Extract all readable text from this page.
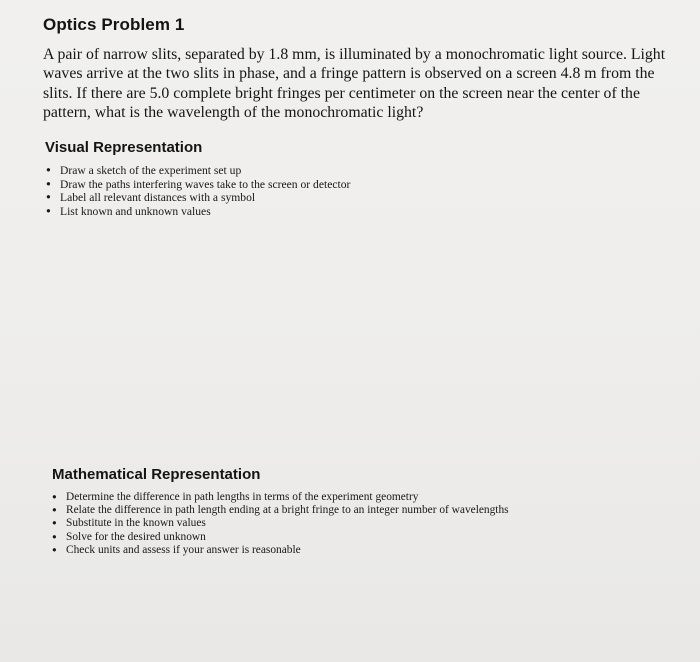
Optics Problem 1

A pair of narrow slits, separated by 1.8 mm, is illuminated by a monochromatic light source. Light waves arrive at the two slits in phase, and a fringe pattern is observed on a screen 4.8 m from the slits. If there are 5.0 complete bright fringes per centimeter on the screen near the center of the pattern, what is the wavelength of the monochromatic light?

Visual Representation
• Draw a sketch of the experiment set up
• Draw the paths interfering waves take to the screen or detector
• Label all relevant distances with a symbol
• List known and unknown values
Mathematical Representation
• Determine the difference in path lengths in terms of the experiment geometry
• Relate the difference in path length ending at a bright fringe to an integer number of wavelengths
• Substitute in the known values
• Solve for the desired unknown
• Check units and assess if your answer is reasonable
